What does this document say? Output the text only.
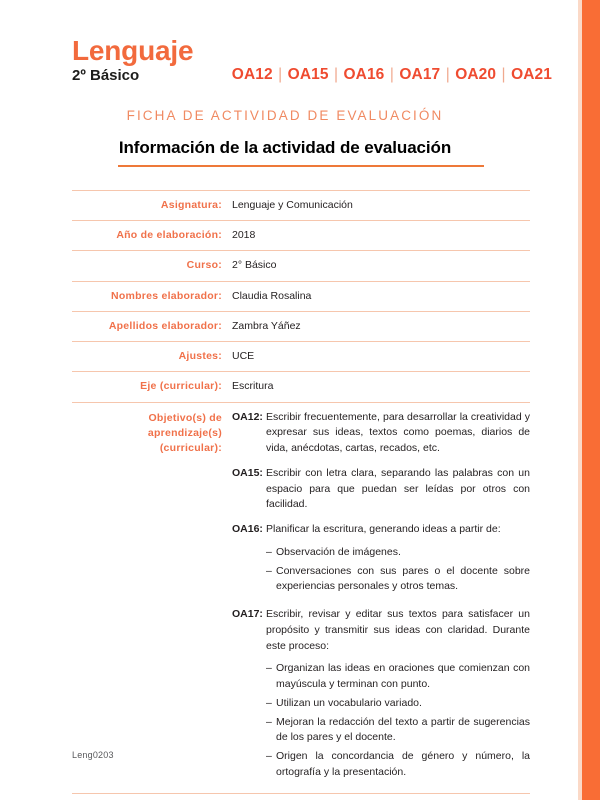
Lenguaje
2º Básico	OA12 | OA15 | OA16 | OA17 | OA20 | OA21
FICHA DE ACTIVIDAD DE EVALUACIÓN
Información de la actividad de evaluación
Asignatura: Lenguaje y Comunicación
Año de elaboración: 2018
Curso: 2° Básico
Nombres elaborador: Claudia Rosalina
Apellidos elaborador: Zambra Yáñez
Ajustes: UCE
Eje (curricular): Escritura
Objetivo(s) de
aprendizaje(s)
(curricular):
OA12: Escribir frecuentemente, para desarrollar la creatividad y expresar sus ideas, textos como poemas, diarios de vida, anécdotas, cartas, recados, etc.
OA15: Escribir con letra clara, separando las palabras con un espacio para que puedan ser leídas por otros con facilidad.
OA16: Planificar la escritura, generando ideas a partir de:
– Observación de imágenes.
– Conversaciones con sus pares o el docente sobre experiencias personales y otros temas.
OA17: Escribir, revisar y editar sus textos para satisfacer un propósito y transmitir sus ideas con claridad. Durante este proceso:
– Organizan las ideas en oraciones que comienzan con mayúscula y terminan con punto.
– Utilizan un vocabulario variado.
– Mejoran la redacción del texto a partir de sugerencias de los pares y el docente.
– Origen la concordancia de género y número, la ortografía y la presentación.
Leng0203
